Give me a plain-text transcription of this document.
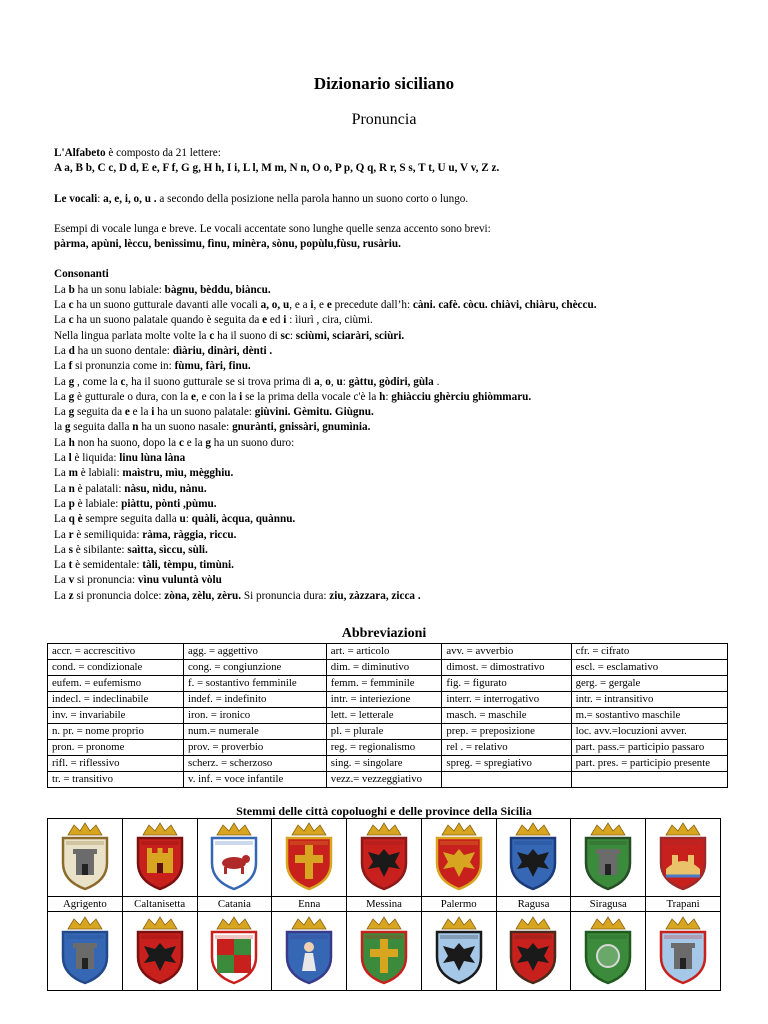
Dizionario siciliano
Pronuncia

L'Alfabeto è composto da 21 lettere:

A a, B b, C c, D d, E e, F f, G g, H h, I i, L l, M m, N n, O o, P p, Q q, R r, S s, T t, U u, V v, Z z.

Le vocali: a, e, i, o, u . a secondo della posizione nella parola hanno un suono corto o lungo.

Esempi di vocale lunga e breve. Le vocali accentate sono lunghe quelle senza accento sono brevi:

pàrma, apùni, lèccu, benìssimu, fìnu, minèra, sònu, popùlu,fùsu, rusàriu.

Consonanti

La b ha un sonu labiale: bàgnu, bèddu, biàncu.

La c ha un suono gutturale davanti alle vocali a, o, u, e a i, e e precedute dall’h: càni. cafè. còcu. chiàvi, chiàru, chèccu.

La c ha un suono palatale quando è seguita da e ed i : ìiurì , cira, ciùmi.

Nella lingua parlata molte volte la c ha il suono di sc: sciùmi, sciaràri, sciùri.

La d ha un suono dentale: dìàriu, dinàri, dènti .

La f si pronunzia come in: fùmu, fàri, finu.

La g , come la c, ha il suono gutturale se si trova prima di a, o, u: gàttu, gòdiri, gùla .

La g è gutturale o dura, con la e, e con la i se la prima della vocale c'è la h: ghiàcciu ghèrciu ghiòmmaru.

La g seguita da e e la i ha un suono palatale: giùvini. Gèmitu. Giùgnu.

la g seguita dalla n ha un suono nasale: gnurànti, gnissàri, gnumìnia.

La h non ha suono, dopo la c e la g ha un suono duro:

La l è liquida: linu lùna làna

La m è labiali: maìstru, mìu, mègghiu.

La n è palatali: nàsu, nìdu, nànu.

La p è labiale: piàttu, pònti ,pùmu.

La q è sempre seguita dalla u: quàli, àcqua, quànnu.

La r è semiliquida: ràma, ràggia, riccu.

La s è sibilante: saìtta, sìccu, sùli.

La t è semidentale: tàli, tèmpu, timùni.

La v si pronuncia: vìnu vuluntà vòlu

La z si pronuncia dolce: zòna, zèlu, zèru. Si pronuncia dura: ziu, zàzzara, zicca .

Abbreviazioni
accr. = accrescitivo	agg. = aggettivo	art. = articolo	avv. = avverbio	cfr. = cifrato
cond. = condizionale	cong. = congiunzione	dim. = diminutivo	dimost. = dimostrativo	escl. = esclamativo
eufem. = eufemismo	f. = sostantivo femminile	femm. = femminile	fig. = figurato	gerg. = gergale
indecl. = indeclinabile	indef. = indefinito	intr. = interiezione	interr. = interrogativo	intr. = intransitivo
inv. = invariabile	iron. = ironico	lett. = letterale	masch. = maschile	m.= sostantivo maschile
n. pr. = nome proprio	num.= numerale	pl. = plurale	prep. = preposizione	loc. avv.=locuzioni avver.
pron. = pronome	prov. = proverbio	reg. = regionalismo	rel . = relativo	part. pass.= participio passaro
rifl. = riflessivo	scherz. = scherzoso	sing. = singolare	spreg. = spregiativo	part. pres. = participio presente
tr. = transitivo	v. inf. = voce infantile	vezz.= vezzeggiativo		
Stemmi delle città copoluoghi e delle province della Sicilia

Agrigento	Caltanisetta	Catania	Enna	Messina	Palermo	Ragusa	Siragusa	Trapani
